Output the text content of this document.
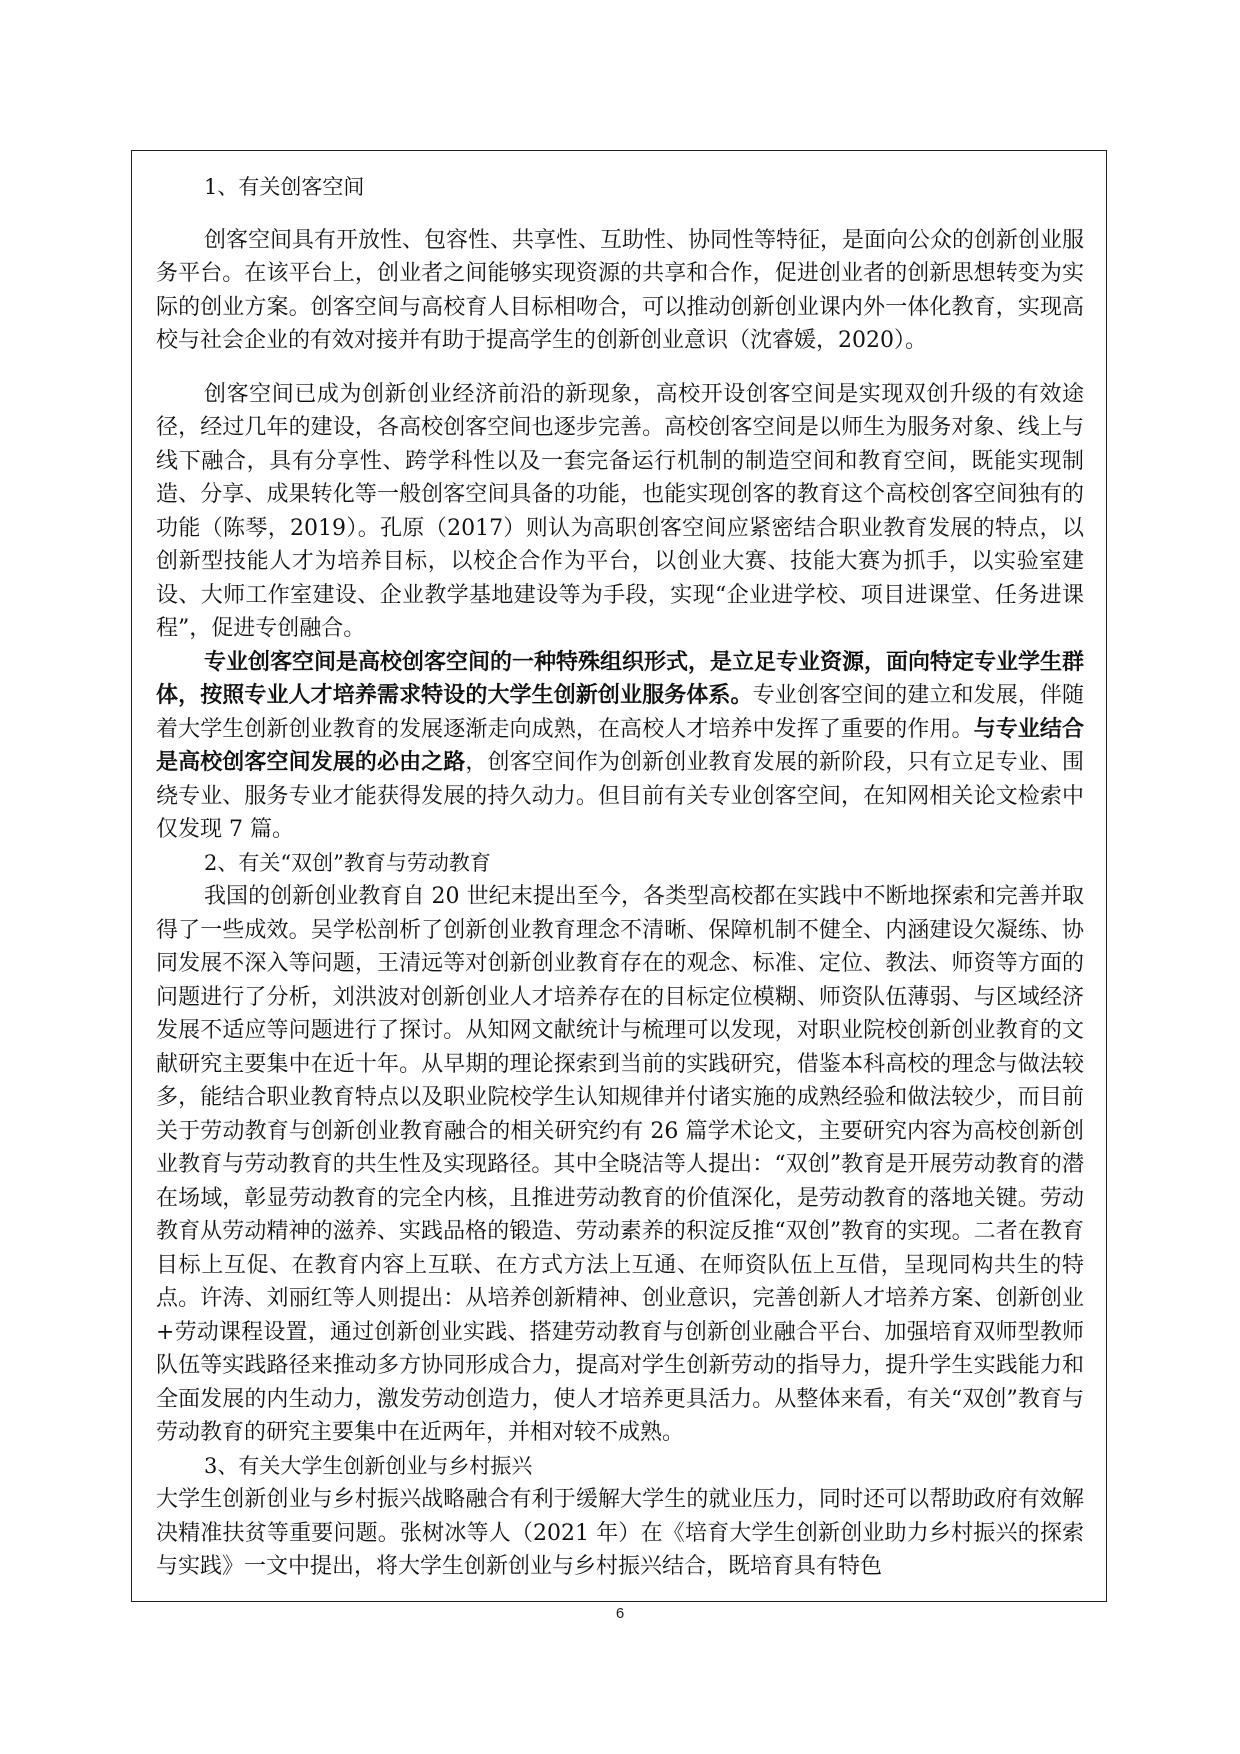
1、有关创客空间

创客空间具有开放性、包容性、共享性、互助性、协同性等特征，是面向公众的创新创业服务平台。在该平台上，创业者之间能够实现资源的共享和合作，促进创业者的创新思想转变为实际的创业方案。创客空间与高校育人目标相吻合，可以推动创新创业课内外一体化教育，实现高校与社会企业的有效对接并有助于提高学生的创新创业意识（沈睿媛，2020）。

创客空间已成为创新创业经济前沿的新现象，高校开设创客空间是实现双创升级的有效途径，经过几年的建设，各高校创客空间也逐步完善。高校创客空间是以师生为服务对象、线上与线下融合，具有分享性、跨学科性以及一套完备运行机制的制造空间和教育空间，既能实现制造、分享、成果转化等一般创客空间具备的功能，也能实现创客的教育这个高校创客空间独有的功能（陈琴，2019）。孔原（2017）则认为高职创客空间应紧密结合职业教育发展的特点，以创新型技能人才为培养目标，以校企合作为平台，以创业大赛、技能大赛为抓手，以实验室建设、大师工作室建设、企业教学基地建设等为手段，实现“企业进学校、项目进课堂、任务进课程”，促进专创融合。

专业创客空间是高校创客空间的一种特殊组织形式，是立足专业资源，面向特定专业学生群体，按照专业人才培养需求特设的大学生创新创业服务体系。专业创客空间的建立和发展，伴随着大学生创新创业教育的发展逐渐走向成熟，在高校人才培养中发挥了重要的作用。与专业结合是高校创客空间发展的必由之路，创客空间作为创新创业教育发展的新阶段，只有立足专业、围绕专业、服务专业才能获得发展的持久动力。但目前有关专业创客空间，在知网相关论文检索中仅发现 7 篇。

2、有关“双创”教育与劳动教育

我国的创新创业教育自 20 世纪末提出至今，各类型高校都在实践中不断地探索和完善并取得了一些成效。吴学松剖析了创新创业教育理念不清晰、保障机制不健全、内涵建设欠凝练、协同发展不深入等问题，王清远等对创新创业教育存在的观念、标准、定位、教法、师资等方面的问题进行了分析，刘洪波对创新创业人才培养存在的目标定位模糊、师资队伍薄弱、与区域经济发展不适应等问题进行了探讨。从知网文献统计与梳理可以发现，对职业院校创新创业教育的文献研究主要集中在近十年。从早期的理论探索到当前的实践研究，借鉴本科高校的理念与做法较多，能结合职业教育特点以及职业院校学生认知规律并付诸实施的成熟经验和做法较少，而目前关于劳动教育与创新创业教育融合的相关研究约有 26 篇学术论文，主要研究内容为高校创新创业教育与劳动教育的共生性及实现路径。其中全晓洁等人提出：“双创”教育是开展劳动教育的潜在场域，彰显劳动教育的完全内核，且推进劳动教育的价值深化，是劳动教育的落地关键。劳动教育从劳动精神的滋养、实践品格的锻造、劳动素养的积淀反推“双创”教育的实现。二者在教育目标上互促、在教育内容上互联、在方式方法上互通、在师资队伍上互借，呈现同构共生的特点。许涛、刘丽红等人则提出：从培养创新精神、创业意识，完善创新人才培养方案、创新创业+劳动课程设置，通过创新创业实践、搭建劳动教育与创新创业融合平台、加强培育双师型教师队伍等实践路径来推动多方协同形成合力，提高对学生创新劳动的指导力，提升学生实践能力和全面发展的内生动力，激发劳动创造力，使人才培养更具活力。从整体来看，有关“双创”教育与劳动教育的研究主要集中在近两年，并相对较不成熟。

3、有关大学生创新创业与乡村振兴

大学生创新创业与乡村振兴战略融合有利于缓解大学生的就业压力，同时还可以帮助政府有效解决精准扶贫等重要问题。张树冰等人（2021 年）在《培育大学生创新创业助力乡村振兴的探索与实践》一文中提出，将大学生创新创业与乡村振兴结合，既培育具有特色

6
